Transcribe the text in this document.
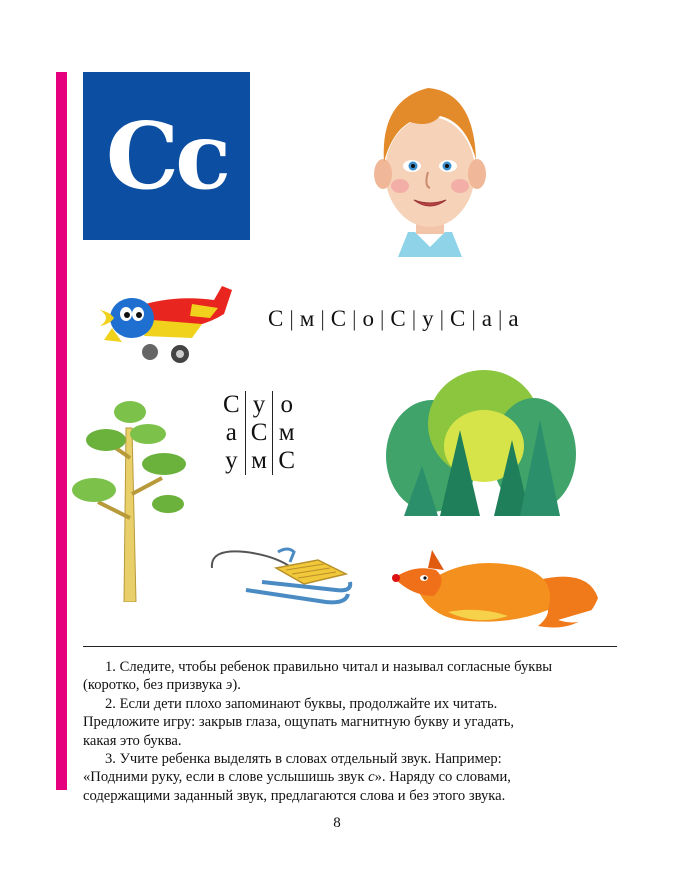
Сс
С | м | С | о | С | у | С | а | а
С	у	о
а	С	м
у	м	С

1. Следите, чтобы ребенок правильно читал и называл согласные буквы

(коротко, без призвука э).

2. Если дети плохо запоминают буквы, продолжайте их читать.

Предложите игру: закрыв глаза, ощупать магнитную букву и угадать,

какая это буква.

3. Учите ребенка выделять в словах отдельный звук. Например:

«Подними руку, если в слове услышишь звук с». Наряду со словами,

содержащими заданный звук, предлагаются слова и без этого звука.

8
